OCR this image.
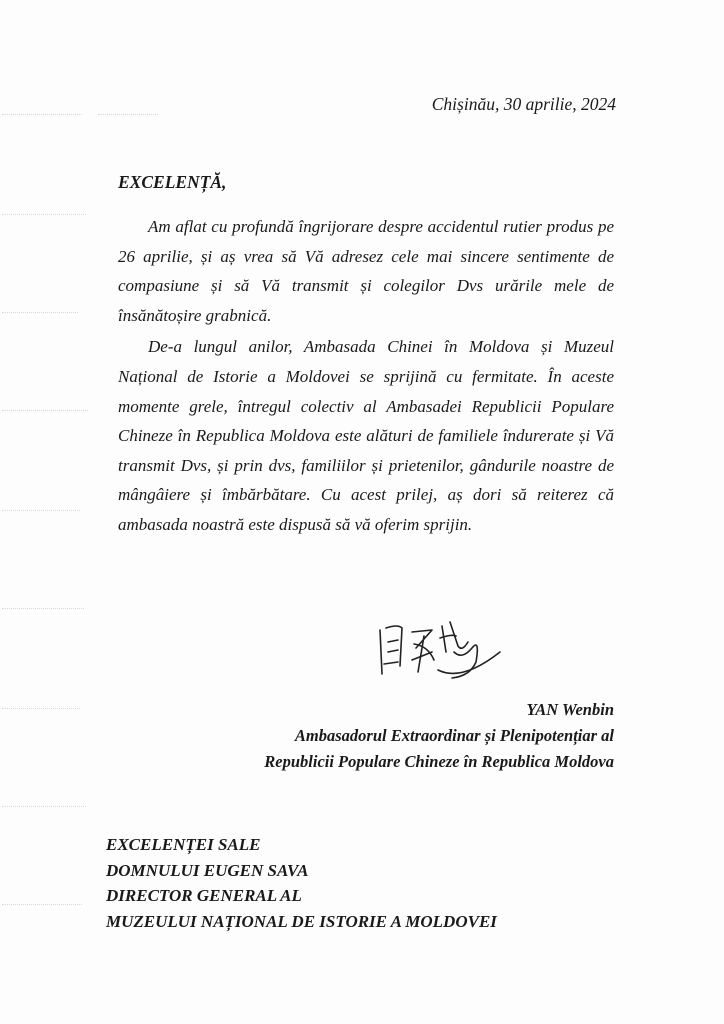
Chișinău, 30 aprilie, 2024
EXCELENȚĂ,

Am aflat cu profundă îngrijorare despre accidentul rutier produs pe 26 aprilie, și aș vrea să Vă adresez cele mai sincere sentimente de compasiune și să Vă transmit și colegilor Dvs urările mele de însănătoșire grabnică.

De-a lungul anilor, Ambasada Chinei în Moldova și Muzeul Național de Istorie a Moldovei se sprijină cu fermitate. În aceste momente grele, întregul colectiv al Ambasadei Republicii Populare Chineze în Republica Moldova este alături de familiele îndurerate și Vă transmit Dvs, și prin dvs, familiilor și prietenilor, gândurile noastre de mângâiere și îmbărbătare. Cu acest prilej, aș dori să reiterez că ambasada noastră este dispusă să vă oferim sprijin.

YAN Wenbin
Ambasadorul Extraordinar și Plenipotențiar al
Republicii Populare Chineze în Republica Moldova
EXCELENȚEI SALE
DOMNULUI EUGEN SAVA
DIRECTOR GENERAL AL
MUZEULUI NAȚIONAL DE ISTORIE A MOLDOVEI
